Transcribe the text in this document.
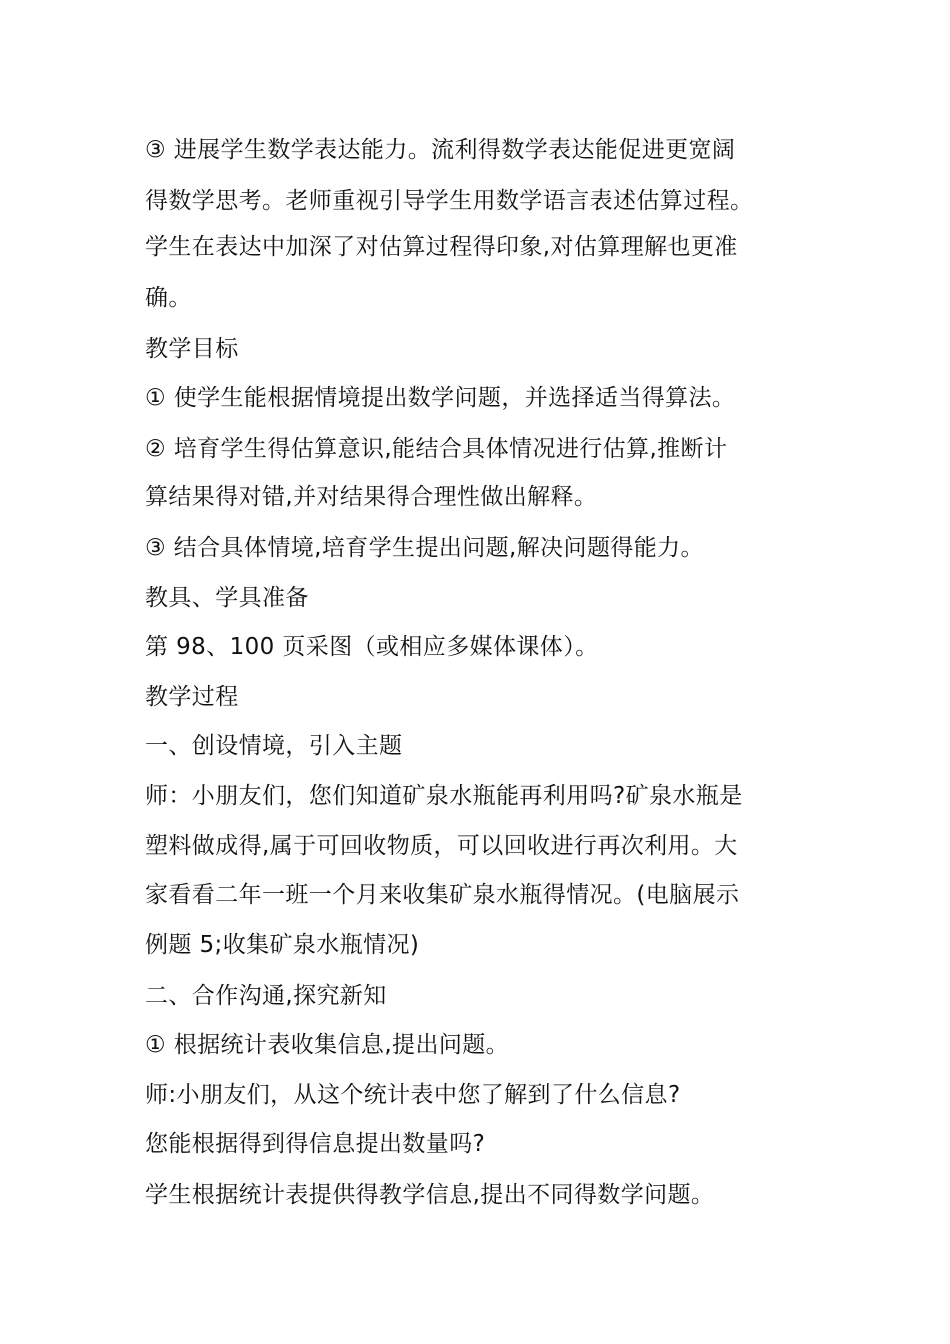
③ 进展学生数学表达能力。流利得数学表达能促进更宽阔
得数学思考。老师重视引导学生用数学语言表述估算过程。
学生在表达中加深了对估算过程得印象,对估算理解也更准
确。
教学目标
① 使学生能根据情境提出数学问题，并选择适当得算法。
② 培育学生得估算意识,能结合具体情况进行估算,推断计
算结果得对错,并对结果得合理性做出解释。
③ 结合具体情境,培育学生提出问题,解决问题得能力。
教具、学具准备
第 98、100 页采图（或相应多媒体课体）。
教学过程
一、创设情境，引入主题
师：小朋友们，您们知道矿泉水瓶能再利用吗?矿泉水瓶是
塑料做成得,属于可回收物质，可以回收进行再次利用。大
家看看二年一班一个月来收集矿泉水瓶得情况。(电脑展示
例题 5;收集矿泉水瓶情况)
二、合作沟通,探究新知
① 根据统计表收集信息,提出问题。
师:小朋友们，从这个统计表中您了解到了什么信息?
您能根据得到得信息提出数量吗?
学生根据统计表提供得教学信息,提出不同得数学问题。
